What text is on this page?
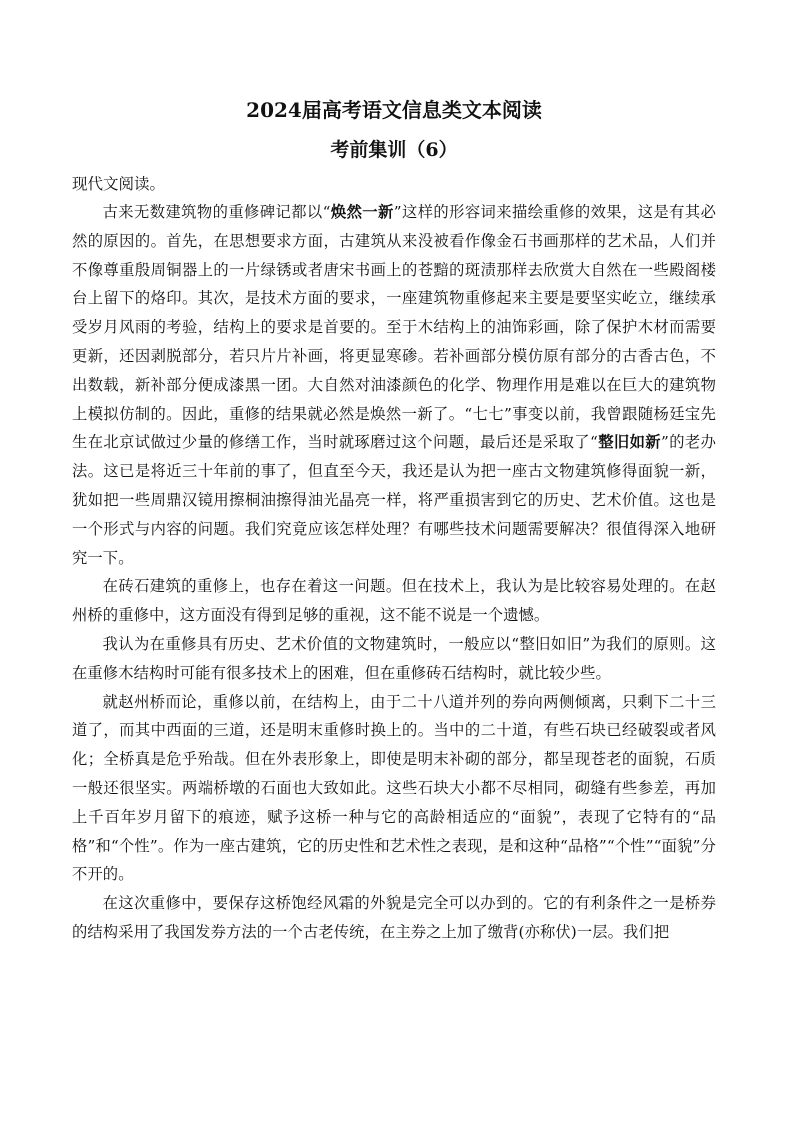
2024届高考语文信息类文本阅读
考前集训（6）

现代文阅读。

古来无数建筑物的重修碑记都以“焕然一新”这样的形容词来描绘重修的效果，这是有其必然的原因的。首先，在思想要求方面，古建筑从来没被看作像金石书画那样的艺术品，人们并不像尊重殷周铜器上的一片绿锈或者唐宋书画上的苍黯的斑渍那样去欣赏大自然在一些殿阁楼台上留下的烙印。其次，是技术方面的要求，一座建筑物重修起来主要是要坚实屹立，继续承受岁月风雨的考验，结构上的要求是首要的。至于木结构上的油饰彩画，除了保护木材而需要更新，还因剥脱部分，若只片片补画，将更显寒碜。若补画部分模仿原有部分的古香古色，不出数载，新补部分便成漆黑一团。大自然对油漆颜色的化学、物理作用是难以在巨大的建筑物上模拟仿制的。因此，重修的结果就必然是焕然一新了。“七七”事变以前，我曾跟随杨廷宝先生在北京试做过少量的修缮工作，当时就琢磨过这个问题，最后还是采取了“整旧如新”的老办法。这已是将近三十年前的事了，但直至今天，我还是认为把一座古文物建筑修得面貌一新，犹如把一些周鼎汉镜用擦桐油擦得油光晶亮一样，将严重损害到它的历史、艺术价值。这也是一个形式与内容的问题。我们究竟应该怎样处理？有哪些技术问题需要解决？很值得深入地研究一下。

在砖石建筑的重修上，也存在着这一问题。但在技术上，我认为是比较容易处理的。在赵州桥的重修中，这方面没有得到足够的重视，这不能不说是一个遗憾。

我认为在重修具有历史、艺术价值的文物建筑时，一般应以“整旧如旧”为我们的原则。这在重修木结构时可能有很多技术上的困难，但在重修砖石结构时，就比较少些。

就赵州桥而论，重修以前，在结构上，由于二十八道并列的券向两侧倾离，只剩下二十三道了，而其中西面的三道，还是明末重修时换上的。当中的二十道，有些石块已经破裂或者风化；全桥真是危乎殆哉。但在外表形象上，即使是明末补砌的部分，都呈现苍老的面貌，石质一般还很坚实。两端桥墩的石面也大致如此。这些石块大小都不尽相同，砌缝有些参差，再加上千百年岁月留下的痕迹，赋予这桥一种与它的高龄相适应的“面貌”，表现了它特有的“品格”和“个性”。作为一座古建筑，它的历史性和艺术性之表现，是和这种“品格”“个性”“面貌”分不开的。

在这次重修中，要保存这桥饱经风霜的外貌是完全可以办到的。它的有利条件之一是桥券的结构采用了我国发券方法的一个古老传统，在主券之上加了缴背(亦称伏)一层。我们把
